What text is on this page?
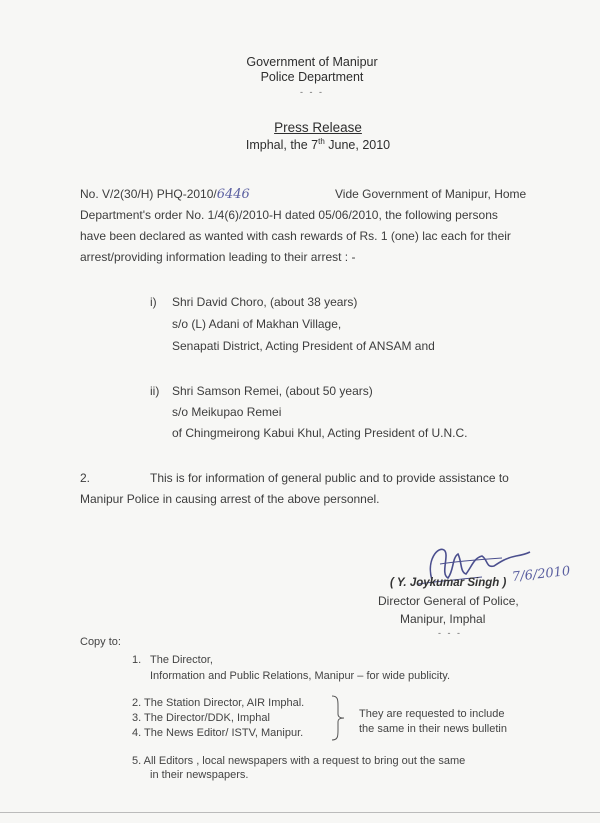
Government of Manipur
Police Department
- - -
Press Release
Imphal, the 7th June, 2010
No. V/2(30/H) PHQ-2010/6446	Vide Government of Manipur, Home
Department's order No. 1/4(6)/2010-H dated 05/06/2010, the following persons
have been declared as wanted with cash rewards of Rs. 1 (one) lac each for their
arrest/providing information leading to their arrest : -
i) Shri David Choro, (about 38 years)
s/o (L) Adani of Makhan Village,
Senapati District, Acting President of ANSAM and
ii) Shri Samson Remei, (about 50 years)
s/o Meikupao Remei
of Chingmeirong Kabui Khul, Acting President of U.N.C.
2.	This is for information of general public and to provide assistance to
Manipur Police in causing arrest of the above personnel.
7/6/2010
( Y. Joykumar Singh )
Director General of Police,
Manipur, Imphal
- - -
Copy to:
1. The Director,
Information and Public Relations, Manipur – for wide publicity.
2. The Station Director, AIR Imphal.
3. The Director/DDK, Imphal
4. The News Editor/ ISTV, Manipur.
They are requested to include
the same in their news bulletin
5. All Editors , local newspapers with a request to bring out the same
in their newspapers.
